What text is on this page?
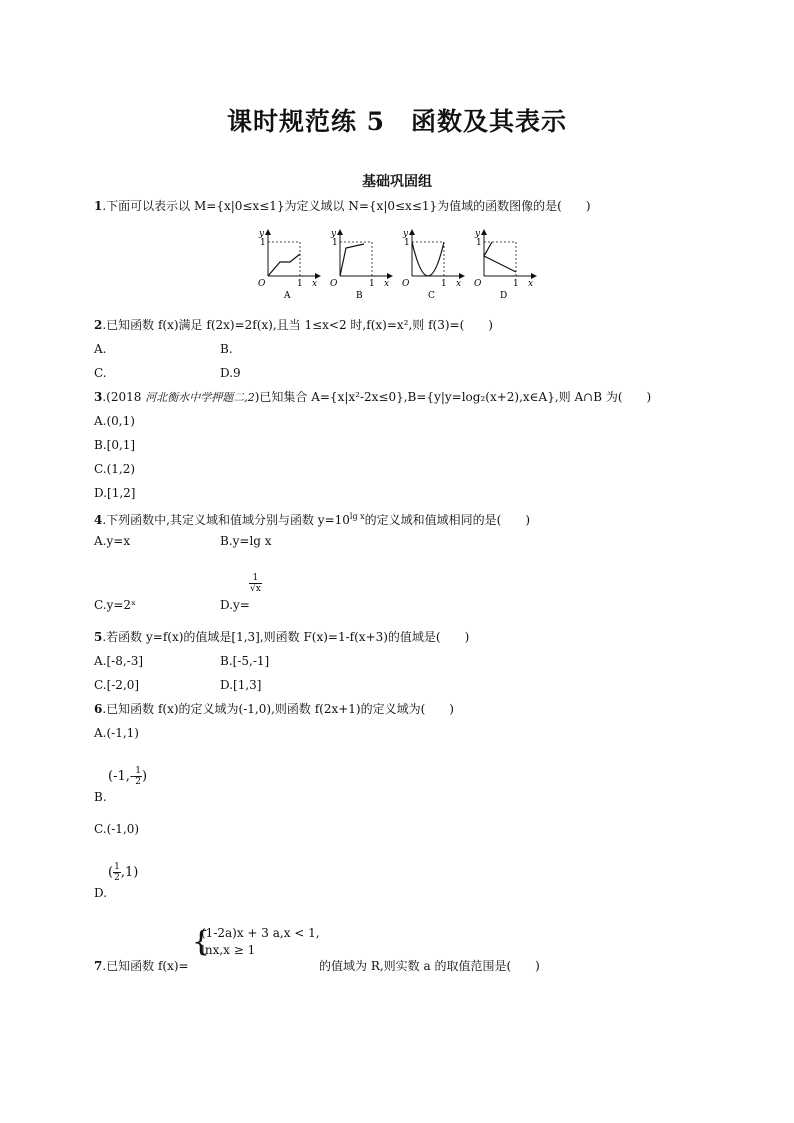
课时规范练 5　函数及其表示
基础巩固组
1.下面可以表示以 M={x|0≤x≤1}为定义域以 N={x|0≤x≤1}为值域的函数图像的是(　　)
y
1
O	1 x
A
y
1
O	1 x
B
y
1
O	1 x
C
y
1
O	1 x
D
2.已知函数 f(x)满足 f(2x)=2f(x),且当 1≤x<2 时,f(x)=x²,则 f(3)=(　　)
A.	B.
C.	D.9
3.(2018 河北衡水中学押题二,2)已知集合 A={x|x²-2x≤0},B={y|y=log₂(x+2),x∈A},则 A∩B 为(　　)
A.(0,1)
B.[0,1]
C.(1,2)
D.[1,2]
4.下列函数中,其定义域和值域分别与函数 $y=10^{lg x}$的定义域和值域相同的是(　　)
A.y=x	B.y=lg x
C.y=2ˣ
$\frac{1}{√x}$
D.y=
5.若函数 y=f(x)的值域是[1,3],则函数 F(x)=1-f(x+3)的值域是(　　)
A.[-8,-3]	B.[-5,-1]
C.[-2,0]	D.[1,3]
6.已知函数 f(x)的定义域为(-1,0),则函数 f(2x+1)的定义域为(　　)
A.(-1,1)
($-1,- \frac{1}{2}$ )
B.
C.(-1,0)
( $\frac{1}{2} ,1$)
D.
{
(1-2a)x + 3 a,x < 1,
lnx,x ≥ 1
7.已知函数 f(x)=	的值域为 R,则实数 a 的取值范围是(　　)
